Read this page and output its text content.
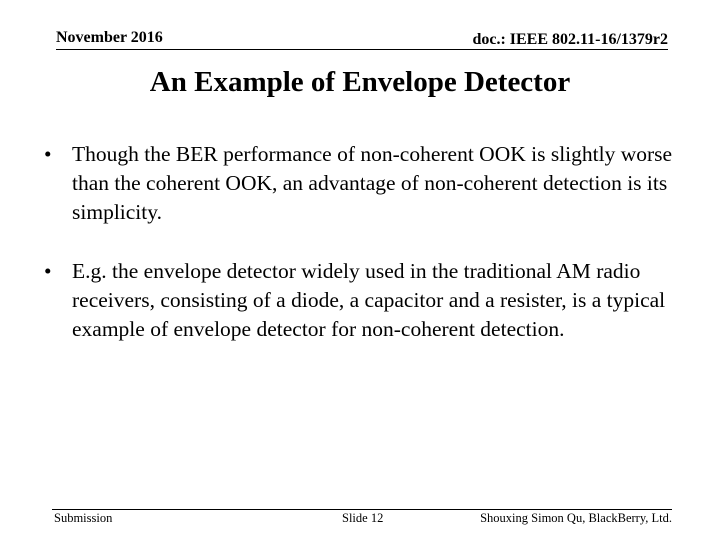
November 2016	doc.: IEEE 802.11-16/1379r2
An Example of Envelope Detector
• Though the BER performance of non-coherent OOK is slightly worse than the coherent OOK, an advantage of non-coherent detection is its simplicity.
• E.g. the envelope detector widely used in the traditional AM radio receivers, consisting of a diode, a capacitor and a resister, is a typical example of envelope detector for non-coherent detection.
Submission	Slide 12	Shouxing Simon Qu, BlackBerry, Ltd.
